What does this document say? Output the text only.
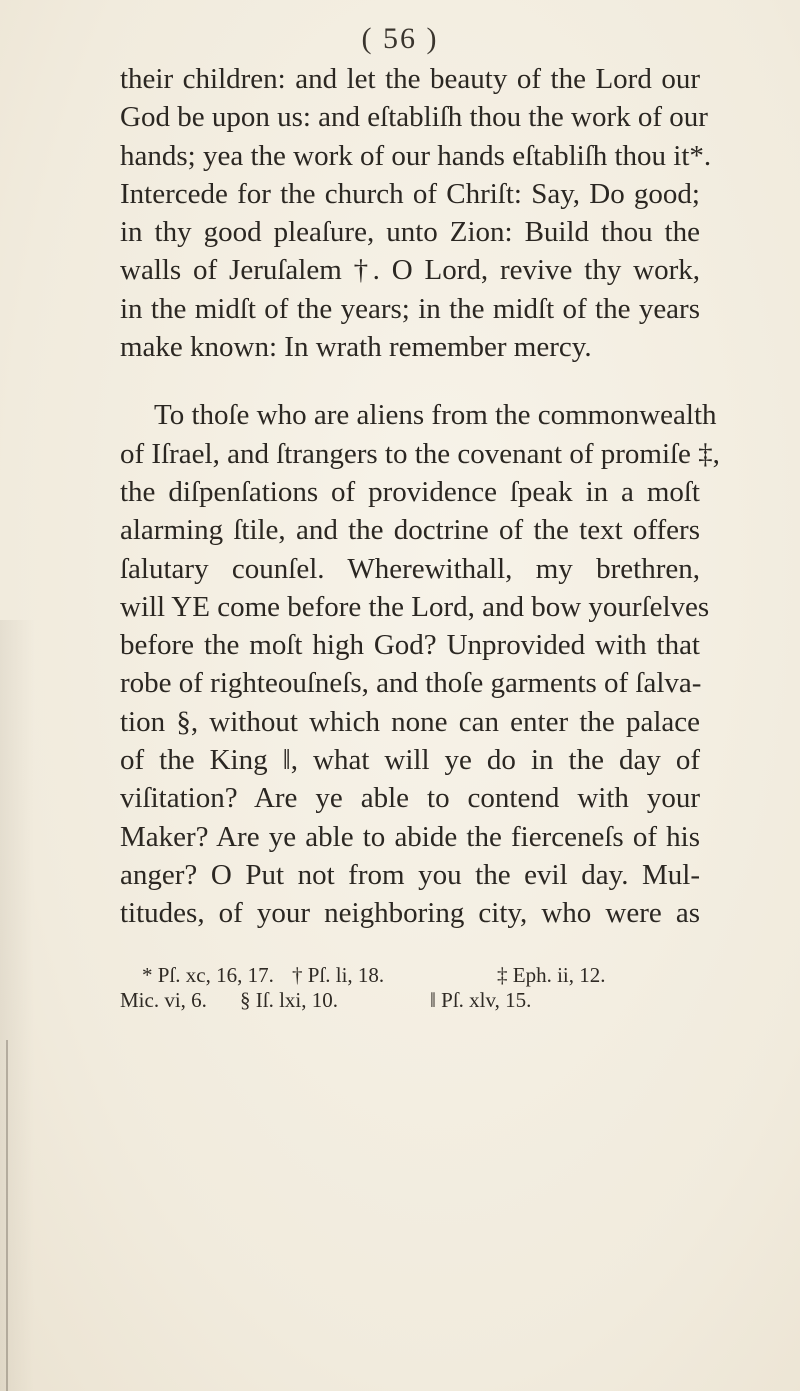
( 56 )
their children: and let the beauty of the Lord our
God be upon us: and eſtabliſh thou the work of our
hands; yea the work of our hands eſtabliſh thou it*.
Intercede for the church of Chriſt: Say, Do good;
in thy good pleaſure, unto Zion: Build thou the
walls of Jeruſalem †. O Lord, revive thy work,
in the midſt of the years; in the midſt of the years
make known: In wrath remember mercy.
To thoſe who are aliens from the commonwealth
of Iſrael, and ſtrangers to the covenant of promiſe ‡,
the diſpenſations of providence ſpeak in a moſt
alarming ſtile, and the doctrine of the text offers
ſalutary counſel. Wherewithall, my brethren,
will YE come before the Lord, and bow yourſelves
before the moſt high God? Unprovided with that
robe of righteouſneſs, and thoſe garments of ſalva-
tion §, without which none can enter the palace
of the King ‖, what will ye do in the day of
viſitation? Are ye able to contend with your
Maker? Are ye able to abide the fierceneſs of his
anger? O Put not from you the evil day. Mul-
titudes, of your neighboring city, who were as
* Pſ. xc, 16, 17. † Pſ. li, 18.	‡ Eph. ii, 12.
Mic. vi, 6.	§ Iſ. lxi, 10.	‖ Pſ. xlv, 15.
